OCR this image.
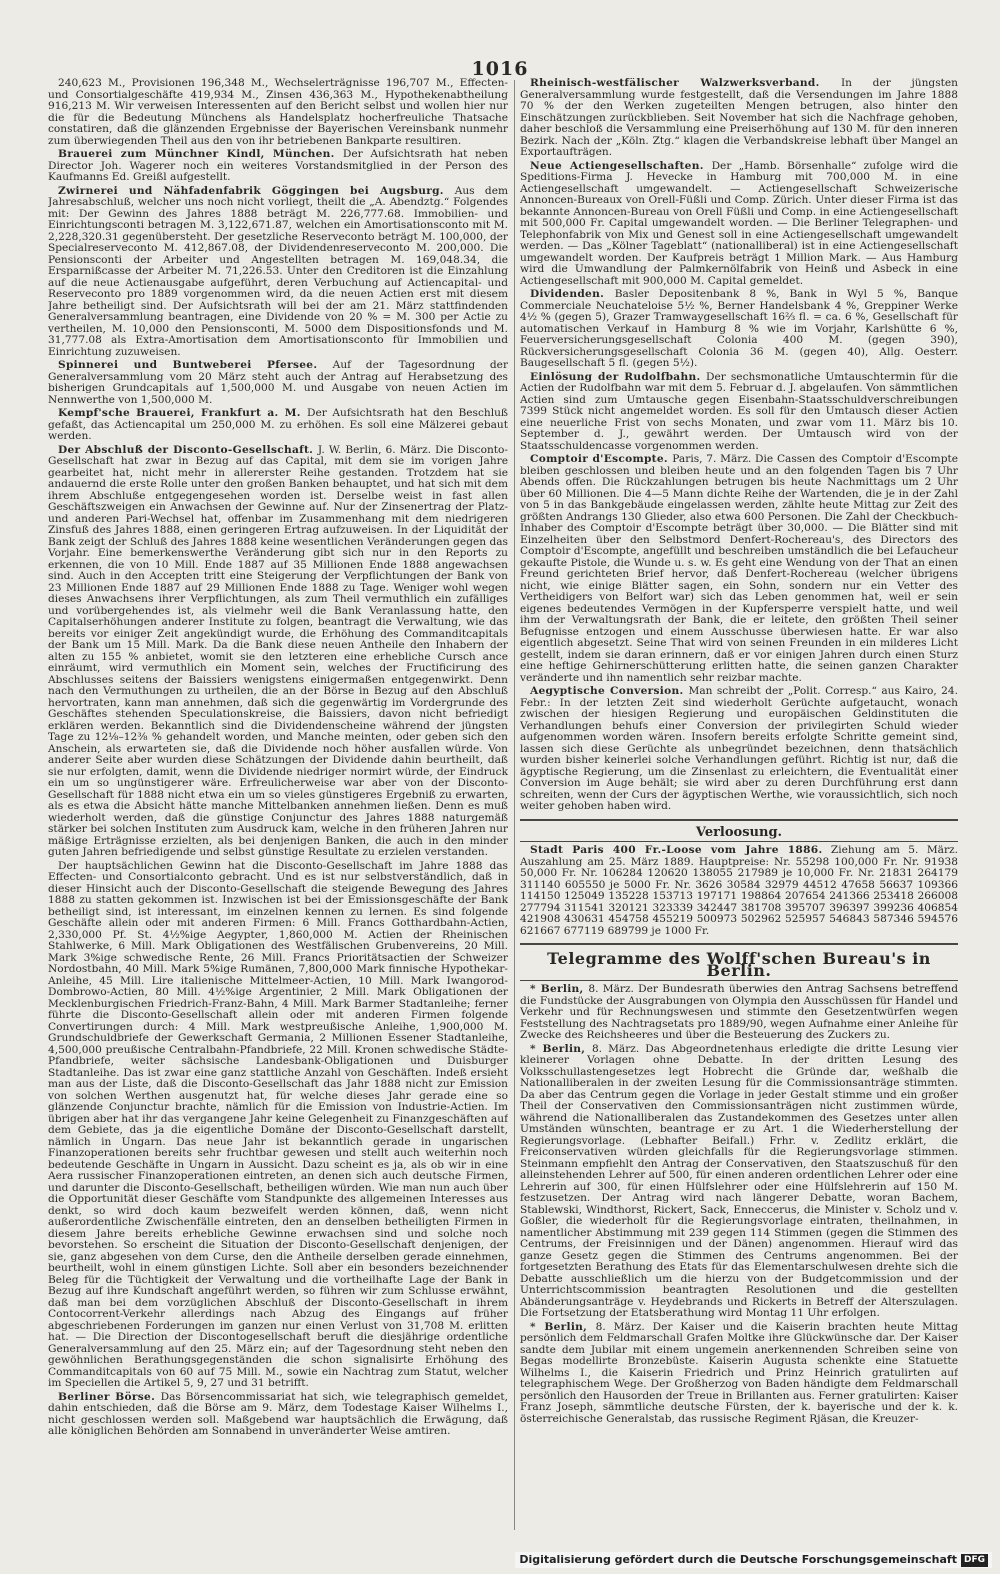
1016

240,623 M., Provisionen 196,348 M., Wechselerträgnisse 196,707 M., Effecten- und Consortialgeschäfte 419,934 M., Zinsen 436,363 M., Hypothekenabtheilung 916,213 M. Wir verweisen Interessenten auf den Bericht selbst und wollen hier nur die für die Bedeutung Münchens als Handelsplatz hocherfreuliche Thatsache constatiren, daß die glänzenden Ergebnisse der Bayerischen Vereinsbank nunmehr zum überwiegenden Theil aus den von ihr betriebenen Bankparte resultiren.

Brauerei zum Münchner Kindl, München. Der Aufsichtsrath hat neben Director Joh. Wagerer noch ein weiteres Vorstandsmitglied in der Person des Kaufmanns Ed. Greißl aufgestellt.

Zwirnerei und Nähfadenfabrik Göggingen bei Augsburg. Aus dem Jahresabschluß, welcher uns noch nicht vorliegt, theilt die „A. Abendztg.“ Folgendes mit: Der Gewinn des Jahres 1888 beträgt M. 226,777.68. Immobilien- und Einrichtungsconti betragen M. 3,122,671.87, welchen ein Amortisationsconto mit M. 2,228,320.31 gegenübersteht. Der gesetzliche Reserveconto beträgt M. 100,000, der Specialreserveconto M. 412,867.08, der Dividendenreserveconto M. 200,000. Die Pensionsconti der Arbeiter und Angestellten betragen M. 169,048.34, die Ersparnißcasse der Arbeiter M. 71,226.53. Unter den Creditoren ist die Einzahlung auf die neue Actienausgabe aufgeführt, deren Verbuchung auf Actiencapital- und Reserveconto pro 1889 vorgenommen wird, da die neuen Actien erst mit diesem Jahre betheiligt sind. Der Aufsichtsrath will bei der am 21. März stattfindenden Generalversammlung beantragen, eine Dividende von 20 % = M. 300 per Actie zu vertheilen, M. 10,000 den Pensionsconti, M. 5000 dem Dispositionsfonds und M. 31,777.08 als Extra-Amortisation dem Amortisationsconto für Immobilien und Einrichtung zuzuweisen.

Spinnerei und Buntweberei Pfersee. Auf der Tagesordnung der Generalversammlung vom 20 März steht auch der Antrag auf Herabsetzung des bisherigen Grundcapitals auf 1,500,000 M. und Ausgabe von neuen Actien im Nennwerthe von 1,500,000 M.

Kempf'sche Brauerei, Frankfurt a. M. Der Aufsichtsrath hat den Beschluß gefaßt, das Actiencapital um 250,000 M. zu erhöhen. Es soll eine Mälzerei gebaut werden.

Der Abschluß der Disconto-Gesellschaft. J. W. Berlin, 6. März. Die Disconto-Gesellschaft hat zwar in Bezug auf das Capital, mit dem sie im vorigen Jahre gearbeitet hat, nicht mehr in allererster Reihe gestanden. Trotzdem hat sie andauernd die erste Rolle unter den großen Banken behauptet, und hat sich mit dem ihrem Abschluße entgegengesehen worden ist. Derselbe weist in fast allen Geschäftszweigen ein Anwachsen der Gewinne auf. Nur der Zinsenertrag der Platz- und anderen Pari-Wechsel hat, offenbar im Zusammenhang mit dem niedrigeren Zinsfuß des Jahres 1888, einen geringeren Ertrag aufzuweisen. In der Liquidität der Bank zeigt der Schluß des Jahres 1888 keine wesentlichen Veränderungen gegen das Vorjahr. Eine bemerkenswerthe Veränderung gibt sich nur in den Reports zu erkennen, die von 10 Mill. Ende 1887 auf 35 Millionen Ende 1888 angewachsen sind. Auch in den Accepten tritt eine Steigerung der Verpflichtungen der Bank von 23 Millionen Ende 1887 auf 29 Millionen Ende 1888 zu Tage. Weniger wohl wegen dieses Anwachsens ihrer Verpflichtungen, als zum Theil vermuthlich ein zufälliges und vorübergehendes ist, als vielmehr weil die Bank Veranlassung hatte, den Capitalserhöhungen anderer Institute zu folgen, beantragt die Verwaltung, wie das bereits vor einiger Zeit angekündigt wurde, die Erhöhung des Commanditcapitals der Bank um 15 Mill. Mark. Da die Bank diese neuen Antheile den Inhabern der alten zu 155 % anbietet, womit sie den letzteren eine erhebliche Cursch ance einräumt, wird vermuthlich ein Moment sein, welches der Fructificirung des Abschlusses seitens der Baissiers wenigstens einigermaßen entgegenwirkt. Denn nach den Vermuthungen zu urtheilen, die an der Börse in Bezug auf den Abschluß hervortraten, kann man annehmen, daß sich die gegenwärtig im Vordergrunde des Geschäftes stehenden Speculationskreise, die Baissiers, davon nicht befriedigt erklären werden. Bekanntlich sind die Dividendenscheine während der jüngsten Tage zu 12⅛–12⅜ % gehandelt worden, und Manche meinten, oder geben sich den Anschein, als erwarteten sie, daß die Dividende noch höher ausfallen würde. Von anderer Seite aber wurden diese Schätzungen der Dividende dahin beurtheilt, daß sie nur erfolgten, damit, wenn die Dividende niedriger normirt würde, der Eindruck ein um so ungünstigerer wäre. Erfreulicherweise war aber von der Disconto-Gesellschaft für 1888 nicht etwa ein um so vieles günstigeres Ergebniß zu erwarten, als es etwa die Absicht hätte manche Mittelbanken annehmen ließen. Denn es muß wiederholt werden, daß die günstige Conjunctur des Jahres 1888 naturgemäß stärker bei solchen Instituten zum Ausdruck kam, welche in den früheren Jahren nur mäßige Erträgnisse erzielten, als bei denjenigen Banken, die auch in den minder guten Jahren befriedigende und selbst günstige Resultate zu erzielen verstanden.

Der hauptsächlichen Gewinn hat die Disconto-Gesellschaft im Jahre 1888 das Effecten- und Consortialconto gebracht. Und es ist nur selbstverständlich, daß in dieser Hinsicht auch der Disconto-Gesellschaft die steigende Bewegung des Jahres 1888 zu statten gekommen ist. Inzwischen ist bei der Emissionsgeschäfte der Bank betheiligt sind, ist interessant, im einzelnen kennen zu lernen. Es sind folgende Geschäfte allein oder mit anderen Firmen: 6 Mill. Francs Gotthardbahn-Actien, 2,330,000 Pf. St. 4½%ige Aegypter, 1,860,000 M. Actien der Rheinischen Stahlwerke, 6 Mill. Mark Obligationen des Westfälischen Grubenvereins, 20 Mill. Mark 3%ige schwedische Rente, 26 Mill. Francs Prioritätsactien der Schweizer Nordostbahn, 40 Mill. Mark 5%ige Rumänen, 7,800,000 Mark finnische Hypothekar-Anleihe, 45 Mill. Lire italienische Mittelmeer-Actien, 10 Mill. Mark Iwangorod-Dombrowo-Actien, 80 Mill. 4½%ige Argentinier, 2 Mill. Mark Obligationen der Mecklenburgischen Friedrich-Franz-Bahn, 4 Mill. Mark Barmer Stadtanleihe; ferner führte die Disconto-Gesellschaft allein oder mit anderen Firmen folgende Convertirungen durch: 4 Mill. Mark westpreußische Anleihe, 1,900,000 M. Grundschuldbriefe der Gewerkschaft Germania, 2 Millionen Essener Stadtanleihe, 4,500,000 preußische Centralbahn-Pfandbriefe, 22 Mill. Kronen schwedische Städte-Pfandbriefe, weiter sächsische Landesbank-Obligationen und Duisburger Stadtanleihe. Das ist zwar eine ganz stattliche Anzahl von Geschäften. Indeß ersieht man aus der Liste, daß die Disconto-Gesellschaft das Jahr 1888 nicht zur Emission von solchen Werthen ausgenutzt hat, für welche dieses Jahr gerade eine so glänzende Conjunctur brachte, nämlich für die Emission von Industrie-Actien. Im übrigen aber hat ihr das vergangene Jahr keine Gelegenheit zu Finanzgeschäften auf dem Gebiete, das ja die eigentliche Domäne der Disconto-Gesellschaft darstellt, nämlich in Ungarn. Das neue Jahr ist bekanntlich gerade in ungarischen Finanzoperationen bereits sehr fruchtbar gewesen und stellt auch weiterhin noch bedeutende Geschäfte in Ungarn in Aussicht. Dazu scheint es ja, als ob wir in eine Aera russischer Finanzoperationen eintreten, an denen sich auch deutsche Firmen, und darunter die Disconto-Gesellschaft, betheiligen würden. Wie man nun auch über die Opportunität dieser Geschäfte vom Standpunkte des allgemeinen Interesses aus denkt, so wird doch kaum bezweifelt werden können, daß, wenn nicht außerordentliche Zwischenfälle eintreten, den an denselben betheiligten Firmen in diesem Jahre bereits erhebliche Gewinne erwachsen sind und solche noch bevorstehen. So erscheint die Situation der Disconto-Gesellschaft denjenigen, der sie, ganz abgesehen von dem Curse, den die Antheile derselben gerade einnehmen, beurtheilt, wohl in einem günstigen Lichte. Soll aber ein besonders bezeichnender Beleg für die Tüchtigkeit der Verwaltung und die vortheilhafte Lage der Bank in Bezug auf ihre Kundschaft angeführt werden, so führen wir zum Schlusse erwähnt, daß man bei dem vorzüglichen Abschluß der Disconto-Gesellschaft in ihrem Contocorrent-Verkehr allerdings nach Abzug des Eingangs auf früher abgeschriebenen Forderungen im ganzen nur einen Verlust von 31,708 M. erlitten hat. — Die Direction der Discontogesellschaft beruft die diesjährige ordentliche Generalversammlung auf den 25. März ein; auf der Tagesordnung steht neben den gewöhnlichen Berathungsgegenständen die schon signalisirte Erhöhung des Commanditcapitals von 60 auf 75 Mill. M., sowie ein Nachtrag zum Statut, welcher im Speciellen die Artikel 5, 9, 27 und 31 betrifft.

Berliner Börse. Das Börsencommissariat hat sich, wie telegraphisch gemeldet, dahin entschieden, daß die Börse am 9. März, dem Todestage Kaiser Wilhelms I., nicht geschlossen werden soll. Maßgebend war hauptsächlich die Erwägung, daß alle königlichen Behörden am Sonnabend in unveränderter Weise amtiren.

Rheinisch-westfälischer Walzwerksverband. In der jüngsten Generalversammlung wurde festgestellt, daß die Versendungen im Jahre 1888 70 % der den Werken zugeteilten Mengen betrugen, also hinter den Einschätzungen zurückblieben. Seit November hat sich die Nachfrage gehoben, daher beschloß die Versammlung eine Preiserhöhung auf 130 M. für den inneren Bezirk. Nach der „Köln. Ztg.“ klagen die Verbandskreise lebhaft über Mangel an Exportaufträgen.

Neue Actiengesellschaften. Der „Hamb. Börsenhalle“ zufolge wird die Speditions-Firma J. Hevecke in Hamburg mit 700,000 M. in eine Actiengesellschaft umgewandelt. — Actiengesellschaft Schweizerische Annoncen-Bureaux von Orell-Füßli und Comp. Zürich. Unter dieser Firma ist das bekannte Annoncen-Bureau von Orell Füßli und Comp. in eine Actiengesellschaft mit 500,000 Fr. Capital umgewandelt worden. — Die Berliner Telegraphen- und Telephonfabrik von Mix und Genest soll in eine Actiengesellschaft umgewandelt werden. — Das „Kölner Tageblatt“ (nationalliberal) ist in eine Actiengesellschaft umgewandelt worden. Der Kaufpreis beträgt 1 Million Mark. — Aus Hamburg wird die Umwandlung der Palmkernölfabrik von Heinß und Asbeck in eine Actiengesellschaft mit 900,000 M. Capital gemeldet.

Dividenden. Basler Depositenbank 8 %, Bank in Wyl 5 %, Banque Commerciale Neuchateloise 5½ %, Berner Handelsbank 4 %, Greppiner Werke 4½ % (gegen 5), Grazer Tramwaygesellschaft 16⅔ fl. = ca. 6 %, Gesellschaft für automatischen Verkauf in Hamburg 8 % wie im Vorjahr, Karlshütte 6 %, Feuerversicherungsgesellschaft Colonia 400 M. (gegen 390), Rückversicherungsgesellschaft Colonia 36 M. (gegen 40), Allg. Oesterr. Baugesellschaft 5 fl. (gegen 5½).

Einlösung der Rudolfbahn. Der sechsmonatliche Umtauschtermin für die Actien der Rudolfbahn war mit dem 5. Februar d. J. abgelaufen. Von sämmtlichen Actien sind zum Umtausche gegen Eisenbahn-Staatsschuldverschreibungen 7399 Stück nicht angemeldet worden. Es soll für den Umtausch dieser Actien eine neuerliche Frist von sechs Monaten, und zwar vom 11. März bis 10. September d. J., gewährt werden. Der Umtausch wird von der Staatsschuldencasse vorgenommen werden.

Comptoir d'Escompte. Paris, 7. März. Die Cassen des Comptoir d'Escompte bleiben geschlossen und bleiben heute und an den folgenden Tagen bis 7 Uhr Abends offen. Die Rückzahlungen betrugen bis heute Nachmittags um 2 Uhr über 60 Millionen. Die 4—5 Mann dichte Reihe der Wartenden, die je in der Zahl von 5 in das Bankgebäude eingelassen werden, zählte heute Mittag zur Zeit des größten Andrangs 130 Glieder, also etwa 600 Personen. Die Zahl der Checkbuch-Inhaber des Comptoir d'Escompte beträgt über 30,000. — Die Blätter sind mit Einzelheiten über den Selbstmord Denfert-Rochereau's, des Directors des Comptoir d'Escompte, angefüllt und beschreiben umständlich die bei Lefaucheur gekaufte Pistole, die Wunde u. s. w. Es geht eine Wendung von der That an einen Freund gerichteten Brief hervor, daß Denfert-Rochereau (welcher übrigens nicht, wie einige Blätter sagen, ein Sohn, sondern nur ein Vetter des Vertheidigers von Belfort war) sich das Leben genommen hat, weil er sein eigenes bedeutendes Vermögen in der Kupfersperre verspielt hatte, und weil ihm der Verwaltungsrath der Bank, die er leitete, den größten Theil seiner Befugnisse entzogen und einem Ausschusse überwiesen hatte. Er war also eigentlich abgesetzt. Seine That wird von seinen Freunden in ein milderes Licht gestellt, indem sie daran erinnern, daß er vor einigen Jahren durch einen Sturz eine heftige Gehirnerschütterung erlitten hatte, die seinen ganzen Charakter veränderte und ihn namentlich sehr reizbar machte.

Aegyptische Conversion. Man schreibt der „Polit. Corresp.“ aus Kairo, 24. Febr.: In der letzten Zeit sind wiederholt Gerüchte aufgetaucht, wonach zwischen der hiesigen Regierung und europäischen Geldinstituten die Verhandlungen behufs einer Conversion der privilegirten Schuld wieder aufgenommen worden wären. Insofern bereits erfolgte Schritte gemeint sind, lassen sich diese Gerüchte als unbegründet bezeichnen, denn thatsächlich wurden bisher keinerlei solche Verhandlungen geführt. Richtig ist nur, daß die ägyptische Regierung, um die Zinsenlast zu erleichtern, die Eventualität einer Conversion im Auge behält; sie wird aber zu deren Durchführung erst dann schreiten, wenn der Curs der ägyptischen Werthe, wie voraussichtlich, sich noch weiter gehoben haben wird.

Verloosung.

Stadt Paris 400 Fr.-Loose vom Jahre 1886. Ziehung am 5. März. Auszahlung am 25. März 1889. Hauptpreise: Nr. 55298 100,000 Fr. Nr. 91938 50,000 Fr. Nr. 106284 120620 138055 217989 je 10,000 Fr. Nr. 21831 264179 311140 605550 je 5000 Fr. Nr. 3626 30584 32979 44512 47658 56637 109366 114150 125049 135228 153713 197171 198864 207654 241366 253418 266008 277794 311541 320121 323339 342447 381708 395707 396397 399236 406854 421908 430631 454758 455219 500973 502962 525957 546843 587346 594576 621667 677119 689799 je 1000 Fr.

Telegramme des Wolff'schen Bureau's in Berlin.

* Berlin, 8. März. Der Bundesrath überwies den Antrag Sachsens betreffend die Fundstücke der Ausgrabungen von Olympia den Ausschüssen für Handel und Verkehr und für Rechnungswesen und stimmte den Gesetzentwürfen wegen Feststellung des Nachtragsetats pro 1889/90, wegen Aufnahme einer Anleihe für Zwecke des Reichsheeres und über die Besteuerung des Zuckers zu.

* Berlin, 8. März. Das Abgeordnetenhaus erledigte die dritte Lesung vier kleinerer Vorlagen ohne Debatte. In der dritten Lesung des Volksschullastengesetzes legt Hobrecht die Gründe dar, weßhalb die Nationalliberalen in der zweiten Lesung für die Commissionsanträge stimmten. Da aber das Centrum gegen die Vorlage in jeder Gestalt stimme und ein großer Theil der Conservativen den Commissionsanträgen nicht zustimmen würde, während die Nationalliberalen das Zustandekommen des Gesetzes unter allen Umständen wünschten, beantrage er zu Art. 1 die Wiederherstellung der Regierungsvorlage. (Lebhafter Beifall.) Frhr. v. Zedlitz erklärt, die Freiconservativen würden gleichfalls für die Regierungsvorlage stimmen. Steinmann empfiehlt den Antrag der Conservativen, den Staatszuschuß für den alleinstehenden Lehrer auf 500, für einen anderen ordentlichen Lehrer oder eine Lehrerin auf 300, für einen Hülfslehrer oder eine Hülfslehrerin auf 150 M. festzusetzen. Der Antrag wird nach längerer Debatte, woran Bachem, Stablewski, Windthorst, Rickert, Sack, Enneccerus, die Minister v. Scholz und v. Goßler, die wiederholt für die Regierungsvorlage eintraten, theilnahmen, in namentlicher Abstimmung mit 239 gegen 114 Stimmen (gegen die Stimmen des Centrums, der Freisinnigen und der Dänen) angenommen. Hierauf wird das ganze Gesetz gegen die Stimmen des Centrums angenommen. Bei der fortgesetzten Berathung des Etats für das Elementarschulwesen drehte sich die Debatte ausschließlich um die hierzu von der Budgetcommission und der Unterrichtscommission beantragten Resolutionen und die gestellten Abänderungsanträge v. Heydebrands und Rickerts in Betreff der Alterszulagen. Die Fortsetzung der Etatsberathung wird Montag 11 Uhr erfolgen.

* Berlin, 8. März. Der Kaiser und die Kaiserin brachten heute Mittag persönlich dem Feldmarschall Grafen Moltke ihre Glückwünsche dar. Der Kaiser sandte dem Jubilar mit einem ungemein anerkennenden Schreiben seine von Begas modellirte Bronzebüste. Kaiserin Augusta schenkte eine Statuette Wilhelms I., die Kaiserin Friedrich und Prinz Heinrich gratulirten auf telegraphischem Wege. Der Großherzog von Baden händigte dem Feldmarschall persönlich den Hausorden der Treue in Brillanten aus. Ferner gratulirten: Kaiser Franz Joseph, sämmtliche deutsche Fürsten, der k. bayerische und der k. k. österreichische Generalstab, das russische Regiment Rjäsan, die Kreuzer-

Digitalisierung gefördert durch die Deutsche Forschungsgemeinschaft DFG
